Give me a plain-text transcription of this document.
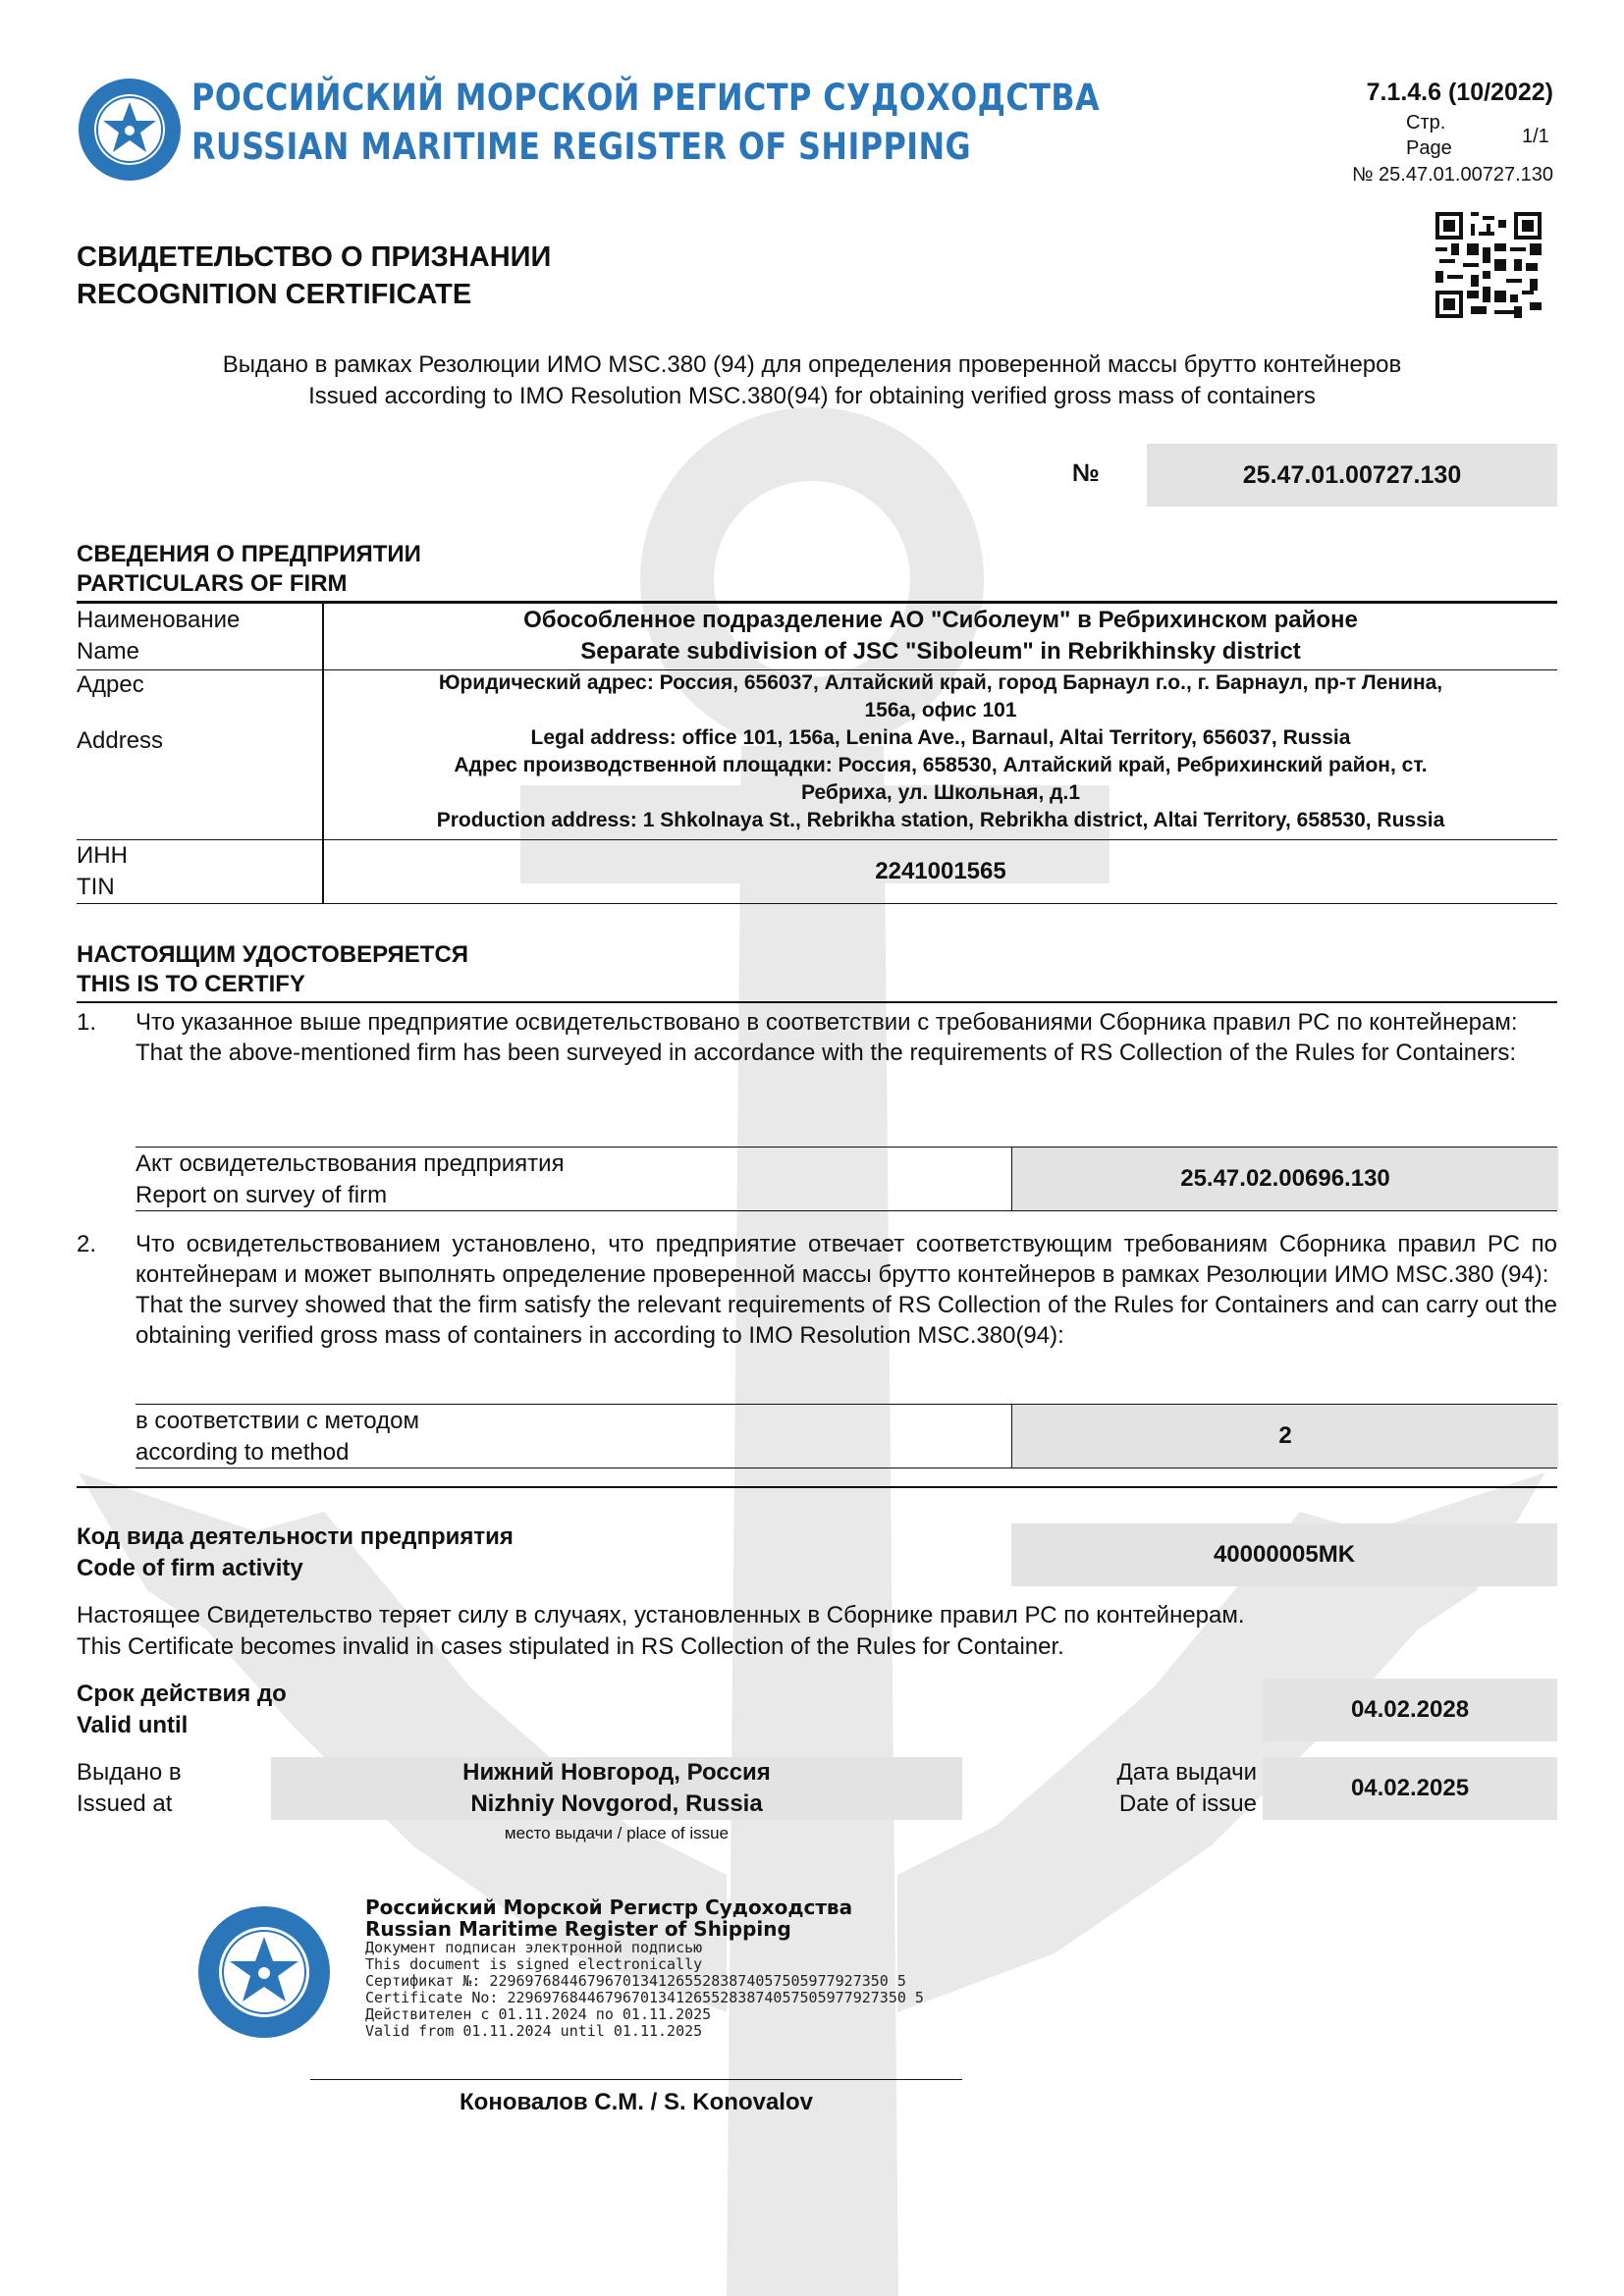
РОССИЙСКИЙ МОРСКОЙ РЕГИСТР СУДОХОДСТВА
RUSSIAN MARITIME REGISTER OF SHIPPING
7.1.4.6 (10/2022)
Стр.
Page
1/1
№ 25.47.01.00727.130
СВИДЕТЕЛЬСТВО О ПРИЗНАНИИ
RECOGNITION CERTIFICATE
Выдано в рамках Резолюции ИМО MSC.380 (94) для определения проверенной массы брутто контейнеров
Issued according to IMO Resolution MSC.380(94) for obtaining verified gross mass of containers
№	25.47.01.00727.130
СВЕДЕНИЯ О ПРЕДПРИЯТИИ
PARTICULARS OF FIRM
Наименование
Name
Обособленное подразделение АО "Сиболеум" в Ребрихинском районе
Separate subdivision of JSC "Siboleum" in Rebrikhinsky district
Адрес
Address
Юридический адрес: Россия, 656037, Алтайский край, город Барнаул г.о., г. Барнаул, пр-т Ленина,
156а, офис 101
Legal address: office 101, 156a, Lenina Ave., Barnaul, Altai Territory, 656037, Russia
Адрес производственной площадки: Россия, 658530, Алтайский край, Ребрихинский район, ст.
Ребриха, ул. Школьная, д.1
Production address: 1 Shkolnaya St., Rebrikha station, Rebrikha district, Altai Territory, 658530, Russia
ИНН
TIN
2241001565
НАСТОЯЩИМ УДОСТОВЕРЯЕТСЯ
THIS IS TO CERTIFY
1. Что указанное выше предприятие освидетельствовано в соответствии с требованиями Сборника правил РС по контейнерам:
That the above-mentioned firm has been surveyed in accordance with the requirements of RS Collection of the Rules for Containers:
Акт освидетельствования предприятия
Report on survey of firm
25.47.02.00696.130
2. Что освидетельствованием установлено, что предприятие отвечает соответствующим требованиям Сборника правил РС по контейнерам и может выполнять определение проверенной массы брутто контейнеров в рамках Резолюции ИМО MSC.380 (94):
That the survey showed that the firm satisfy the relevant requirements of RS Collection of the Rules for Containers and can carry out the obtaining verified gross mass of containers in according to IMO Resolution MSC.380(94):
в соответствии с методом
according to method
2
Код вида деятельности предприятия
Code of firm activity
40000005MK
Настоящее Свидетельство теряет силу в случаях, установленных в Сборнике правил РС по контейнерам.
This Certificate becomes invalid in cases stipulated in RS Collection of the Rules for Container.
Срок действия до
Valid until
04.02.2028
Выдано в
Issued at
Нижний Новгород, Россия
Nizhniy Novgorod, Russia
место выдачи / place of issue
Дата выдачи
Date of issue
04.02.2025
Российский Морской Регистр Судоходства
Russian Maritime Register of Shipping
Документ подписан электронной подписью
This document is signed electronically
Сертификат №: 229697684467967013412655283874057505977927350 5
Certificate No: 229697684467967013412655283874057505977927350 5
Действителен с 01.11.2024 по 01.11.2025
Valid from 01.11.2024 until 01.11.2025
Коновалов С.М. / S. Konovalov
